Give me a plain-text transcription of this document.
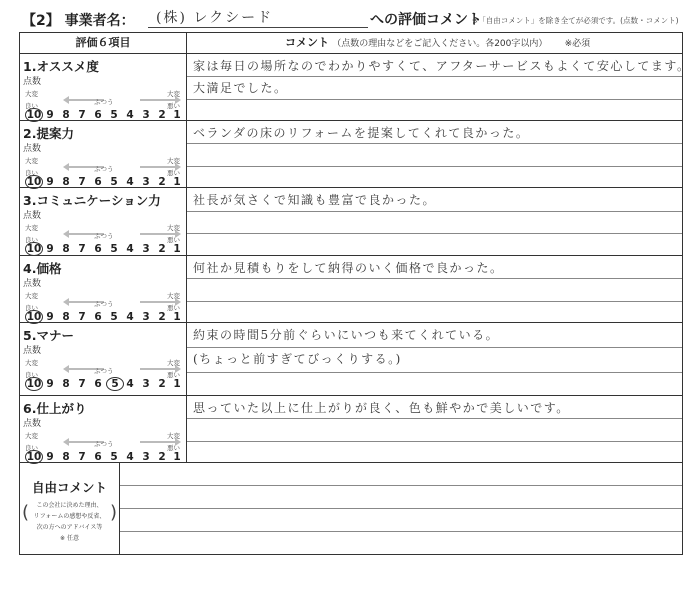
【2】 事業者名： (株) レクシード	への評価コメント
※「自由コメント」を除き全てが必須です。(点数・コメント)
評価６項目	コメント （点数の理由などをご記入ください。各200字以内） ※必須
1.オススメ度
点数
大変
良い	ふつう
大変
悪い
10 9 8 7 6 5 4 3 2 1
家は毎日の場所なのでわかりやすくて、アフターサービスもよくて安心してます。
大満足でした。
2.提案力
点数
大変
良い	ふつう
大変
悪い
10 9 8 7 6 5 4 3 2 1
ベランダの床のリフォームを提案してくれて良かった。
3.コミュニケーション力
点数
大変
良い	ふつう
大変
悪い
10 9 8 7 6 5 4 3 2 1
社長が気さくで知識も豊富で良かった。
4.価格
点数
大変
良い	ふつう
大変
悪い
10 9 8 7 6 5 4 3 2 1
何社か見積もりをして納得のいく価格で良かった。
5.マナー
点数
大変
良い	ふつう
大変
悪い
10 9 8 7 6 5 4 3 2 1
約束の時間5分前ぐらいにいつも来てくれている。
(ちょっと前すぎてびっくりする。)
6.仕上がり
点数
大変
良い	ふつう
大変
悪い
10 9 8 7 6 5 4 3 2 1
思っていた以上に仕上がりが良く、色も鮮やかで美しいです。
自由コメント
(	この会社に決めた理由、
リフォームの感想や反省、
次の方へのアドバイス等
※ 任意
)
